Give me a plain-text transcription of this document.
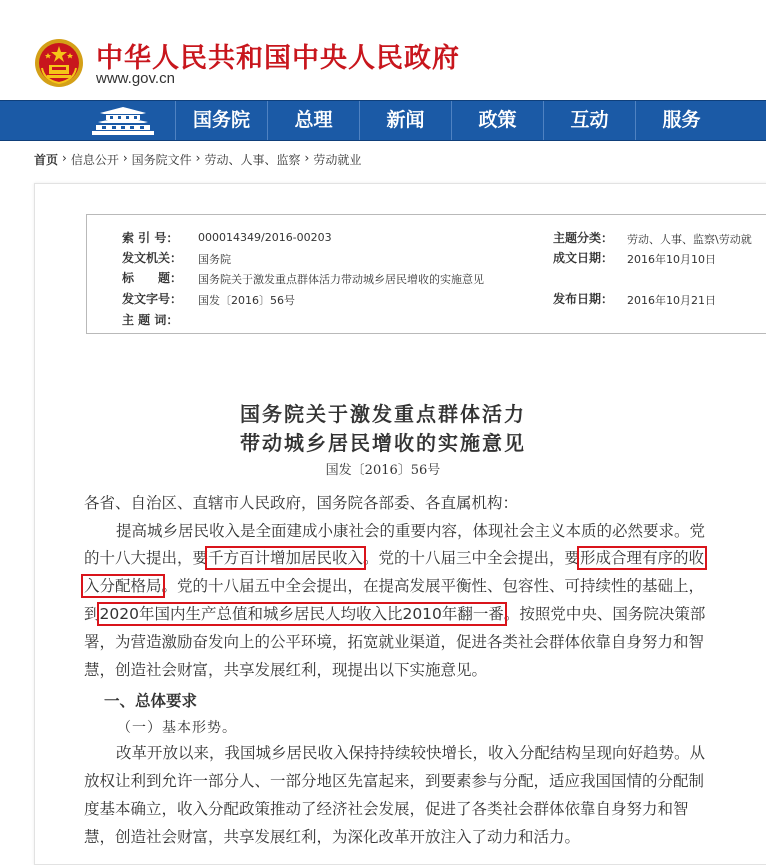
中华人民共和国中央人民政府
www.gov.cn
国务院	总理	新闻	政策	互动	服务
首页 › 信息公开 › 国务院文件 › 劳动、人事、监察 › 劳动就业
索 引 号： 000014349/2016-00203	主题分类： 劳动、人事、监察\劳动就
发文机关： 国务院	成文日期： 2016年10月10日
标　　题： 国务院关于激发重点群体活力带动城乡居民增收的实施意见
发文字号： 国发〔2016〕56号	发布日期： 2016年10月21日
主 题 词：
国务院关于激发重点群体活力
带动城乡居民增收的实施意见
国发〔2016〕56号
各省、自治区、直辖市人民政府，国务院各部委、各直属机构：
提高城乡居民收入是全面建成小康社会的重要内容，体现社会主义本质的必然要求。党
的十八大提出，要千方百计增加居民收入。党的十八届三中全会提出，要形成合理有序的收
入分配格局。党的十八届五中全会提出，在提高发展平衡性、包容性、可持续性的基础上，
到2020年国内生产总值和城乡居民人均收入比2010年翻一番。按照党中央、国务院决策部
署，为营造激励奋发向上的公平环境，拓宽就业渠道，促进各类社会群体依靠自身努力和智
慧，创造社会财富，共享发展红利，现提出以下实施意见。
一、总体要求
（一）基本形势。
改革开放以来，我国城乡居民收入保持持续较快增长，收入分配结构呈现向好趋势。从
放权让利到允许一部分人、一部分地区先富起来，到要素参与分配，适应我国国情的分配制
度基本确立，收入分配政策推动了经济社会发展，促进了各类社会群体依靠自身努力和智
慧，创造社会财富，共享发展红利，为深化改革开放注入了动力和活力。
